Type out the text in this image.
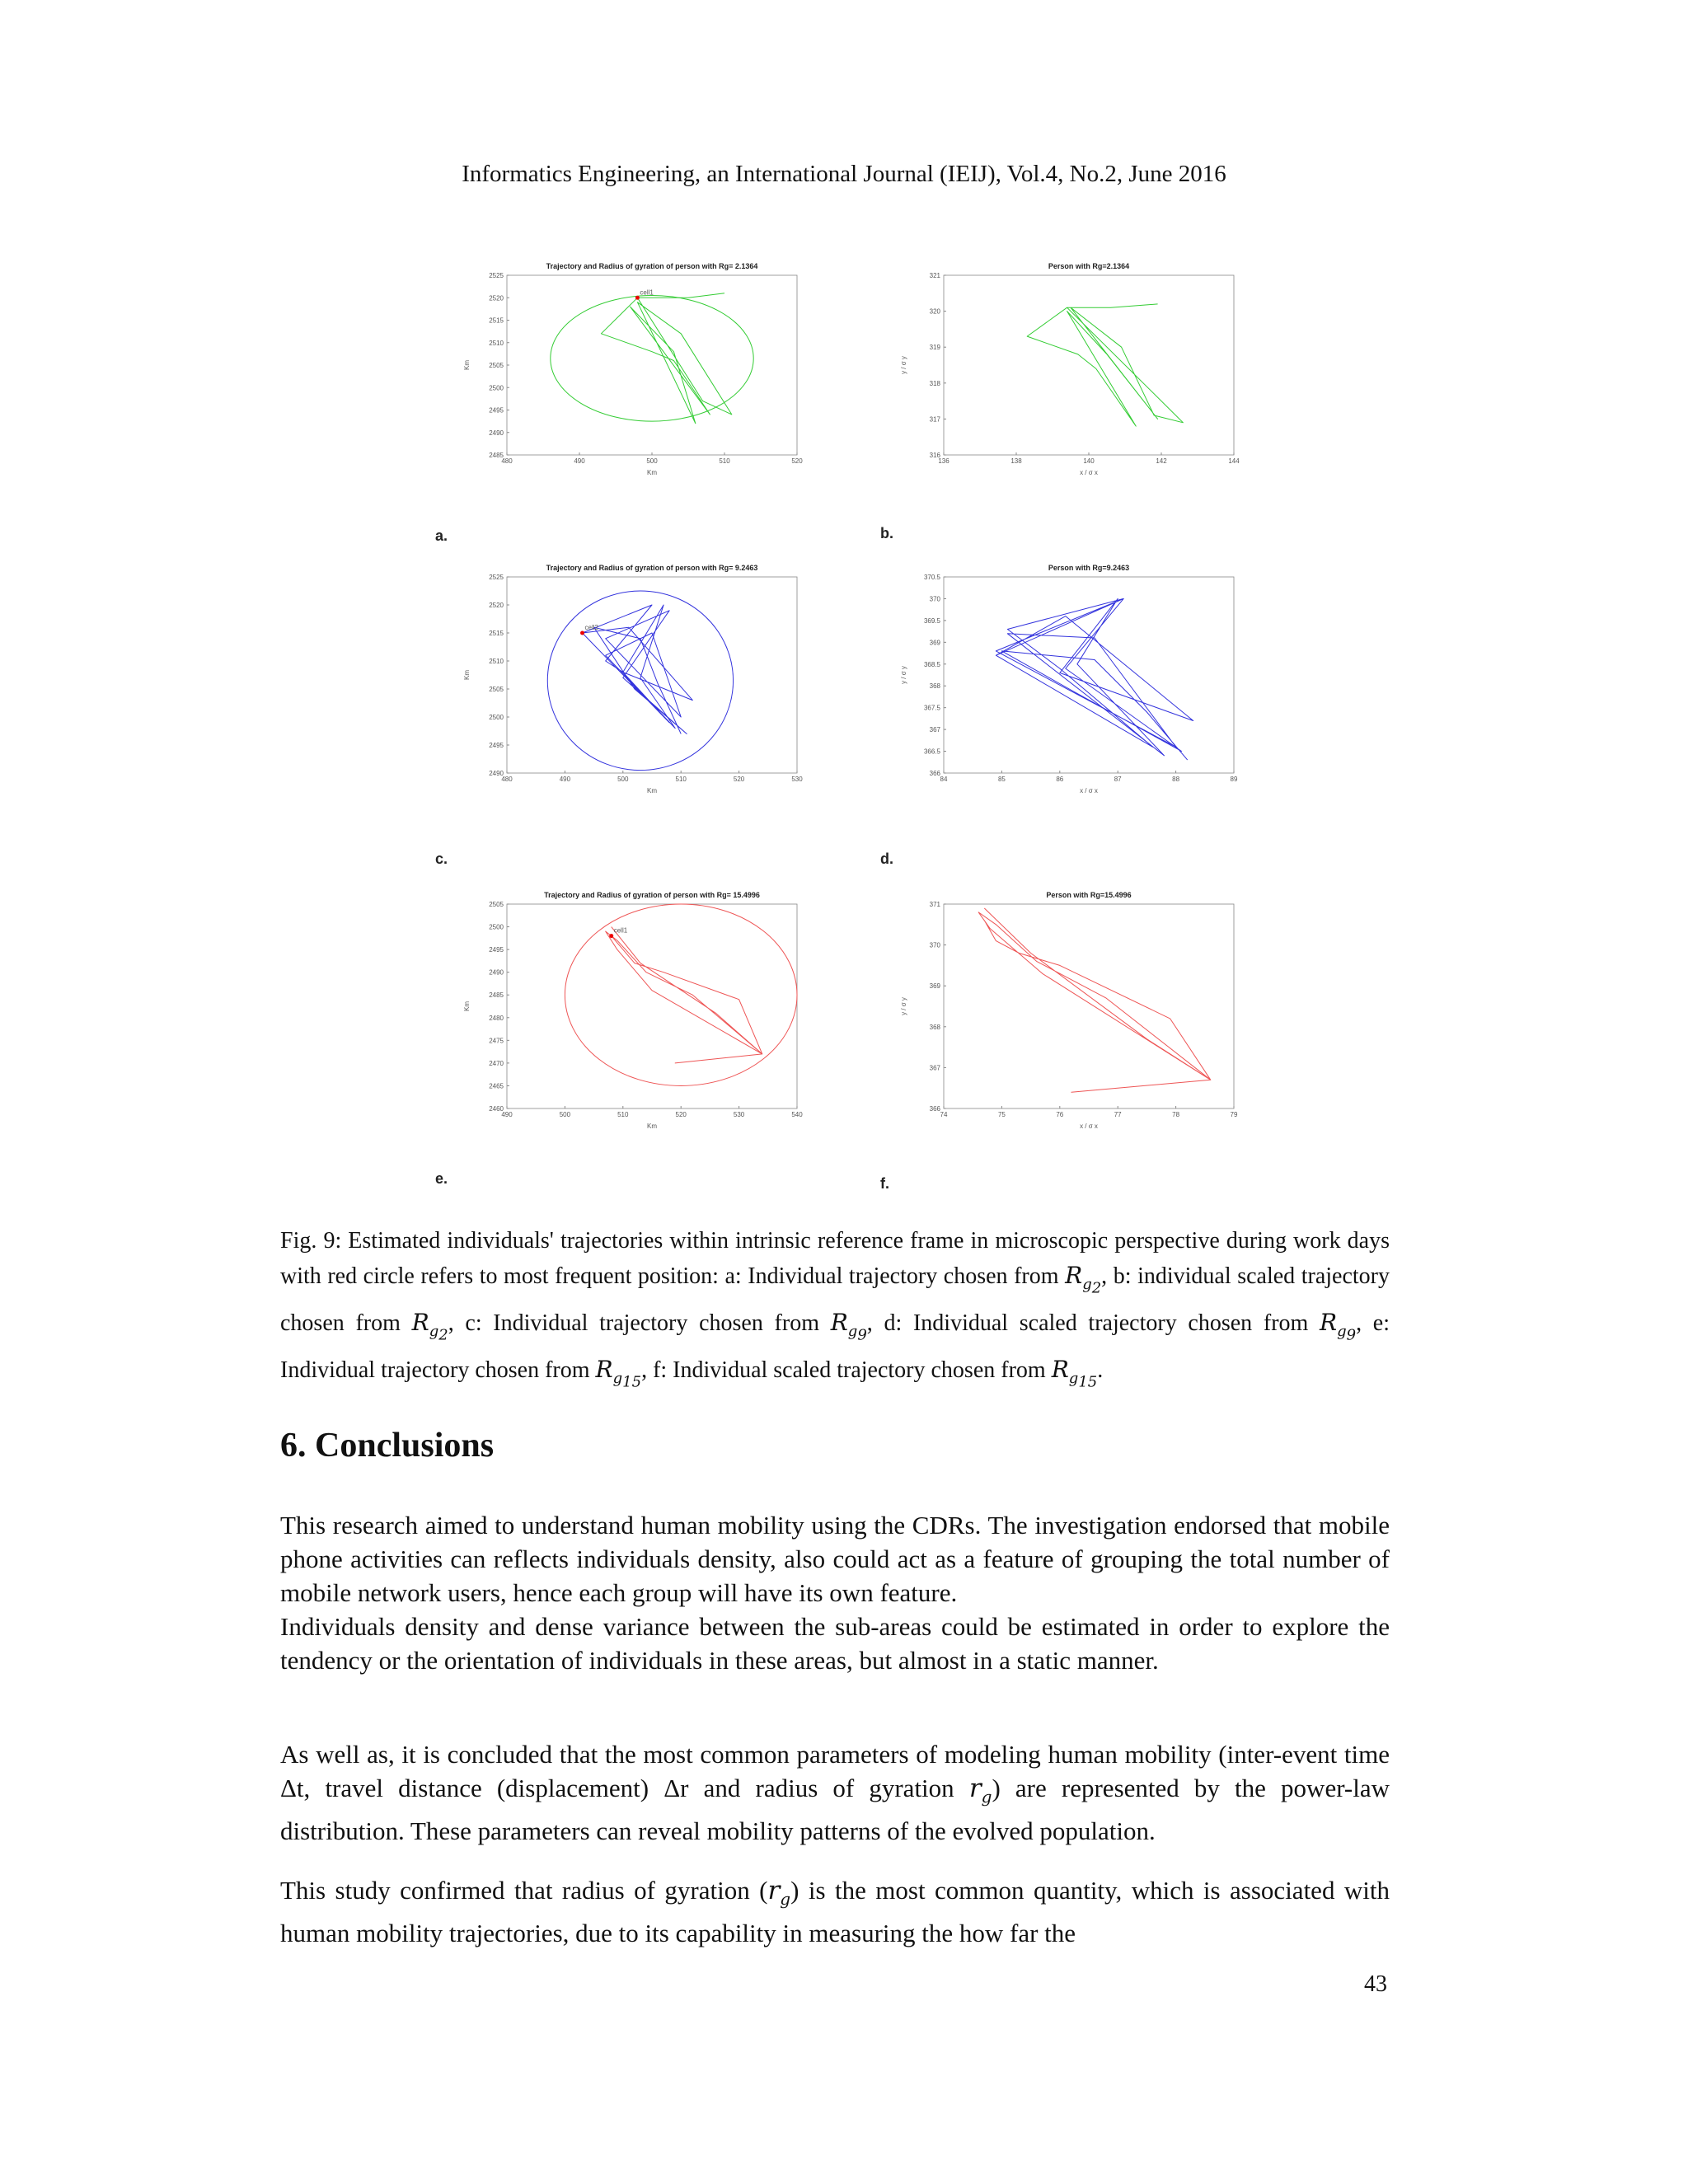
Informatics Engineering, an International Journal (IEIJ), Vol.4, No.2, June 2016
Trajectory and Radius of gyration of person with Rg= 2.1364
480	490	500	510	520
2485
2490
2495
2500
2505
2510
2515
2520
2525
Km
Km
cell1
Person with Rg=2.1364
136	138	140	142	144
316
317
318
319
320
321
x / σ x
y / σ y
Trajectory and Radius of gyration of person with Rg= 9.2463
480	490	500	510	520	530
2490
2495
2500
2505
2510
2515
2520
2525
Km
Km
cell2
Person with Rg=9.2463
84	85	86	87	88	89
366
366.5
367
367.5
368
368.5
369
369.5
370
370.5
x / σ x
y / σ y
Trajectory and Radius of gyration of person with Rg= 15.4996
490	500	510	520	530	540
2460
2465
2470
2475
2480
2485
2490
2495
2500
2505
Km
Km
cell1
Person with Rg=15.4996
74	75	76	77	78	79
366
367
368
369
370
371
x / σ x
y / σ y
a.	b.
c.	d.
e.	f.
Fig. 9: Estimated individuals' trajectories within intrinsic reference frame in microscopic perspective during work days with red circle refers to most frequent position: a: Individual trajectory chosen from $R_{g_2}$, b: individual scaled trajectory chosen from $R_{g_2}$, c: Individual trajectory chosen from $R_{g_9}$, d: Individual scaled trajectory chosen from $R_{g_9}$, e: Individual trajectory chosen from $R_{g_{15}}$, f: Individual scaled trajectory chosen from $R_{g_{15}}$.
6. Conclusions

This research aimed to understand human mobility using the CDRs. The investigation endorsed that mobile phone activities can reflects individuals density, also could act as a feature of grouping the total number of mobile network users, hence each group will have its own feature.

Individuals density and dense variance between the sub-areas could be estimated in order to explore the tendency or the orientation of individuals in these areas, but almost in a static manner.

As well as, it is concluded that the most common parameters of modeling human mobility (inter-event time Δt, travel distance (displacement) Δr and radius of gyration $r_g$) are represented by the power-law distribution. These parameters can reveal mobility patterns of the evolved population.

This study confirmed that radius of gyration $(r_g)$ is the most common quantity, which is associated with human mobility trajectories, due to its capability in measuring the how far the

43
